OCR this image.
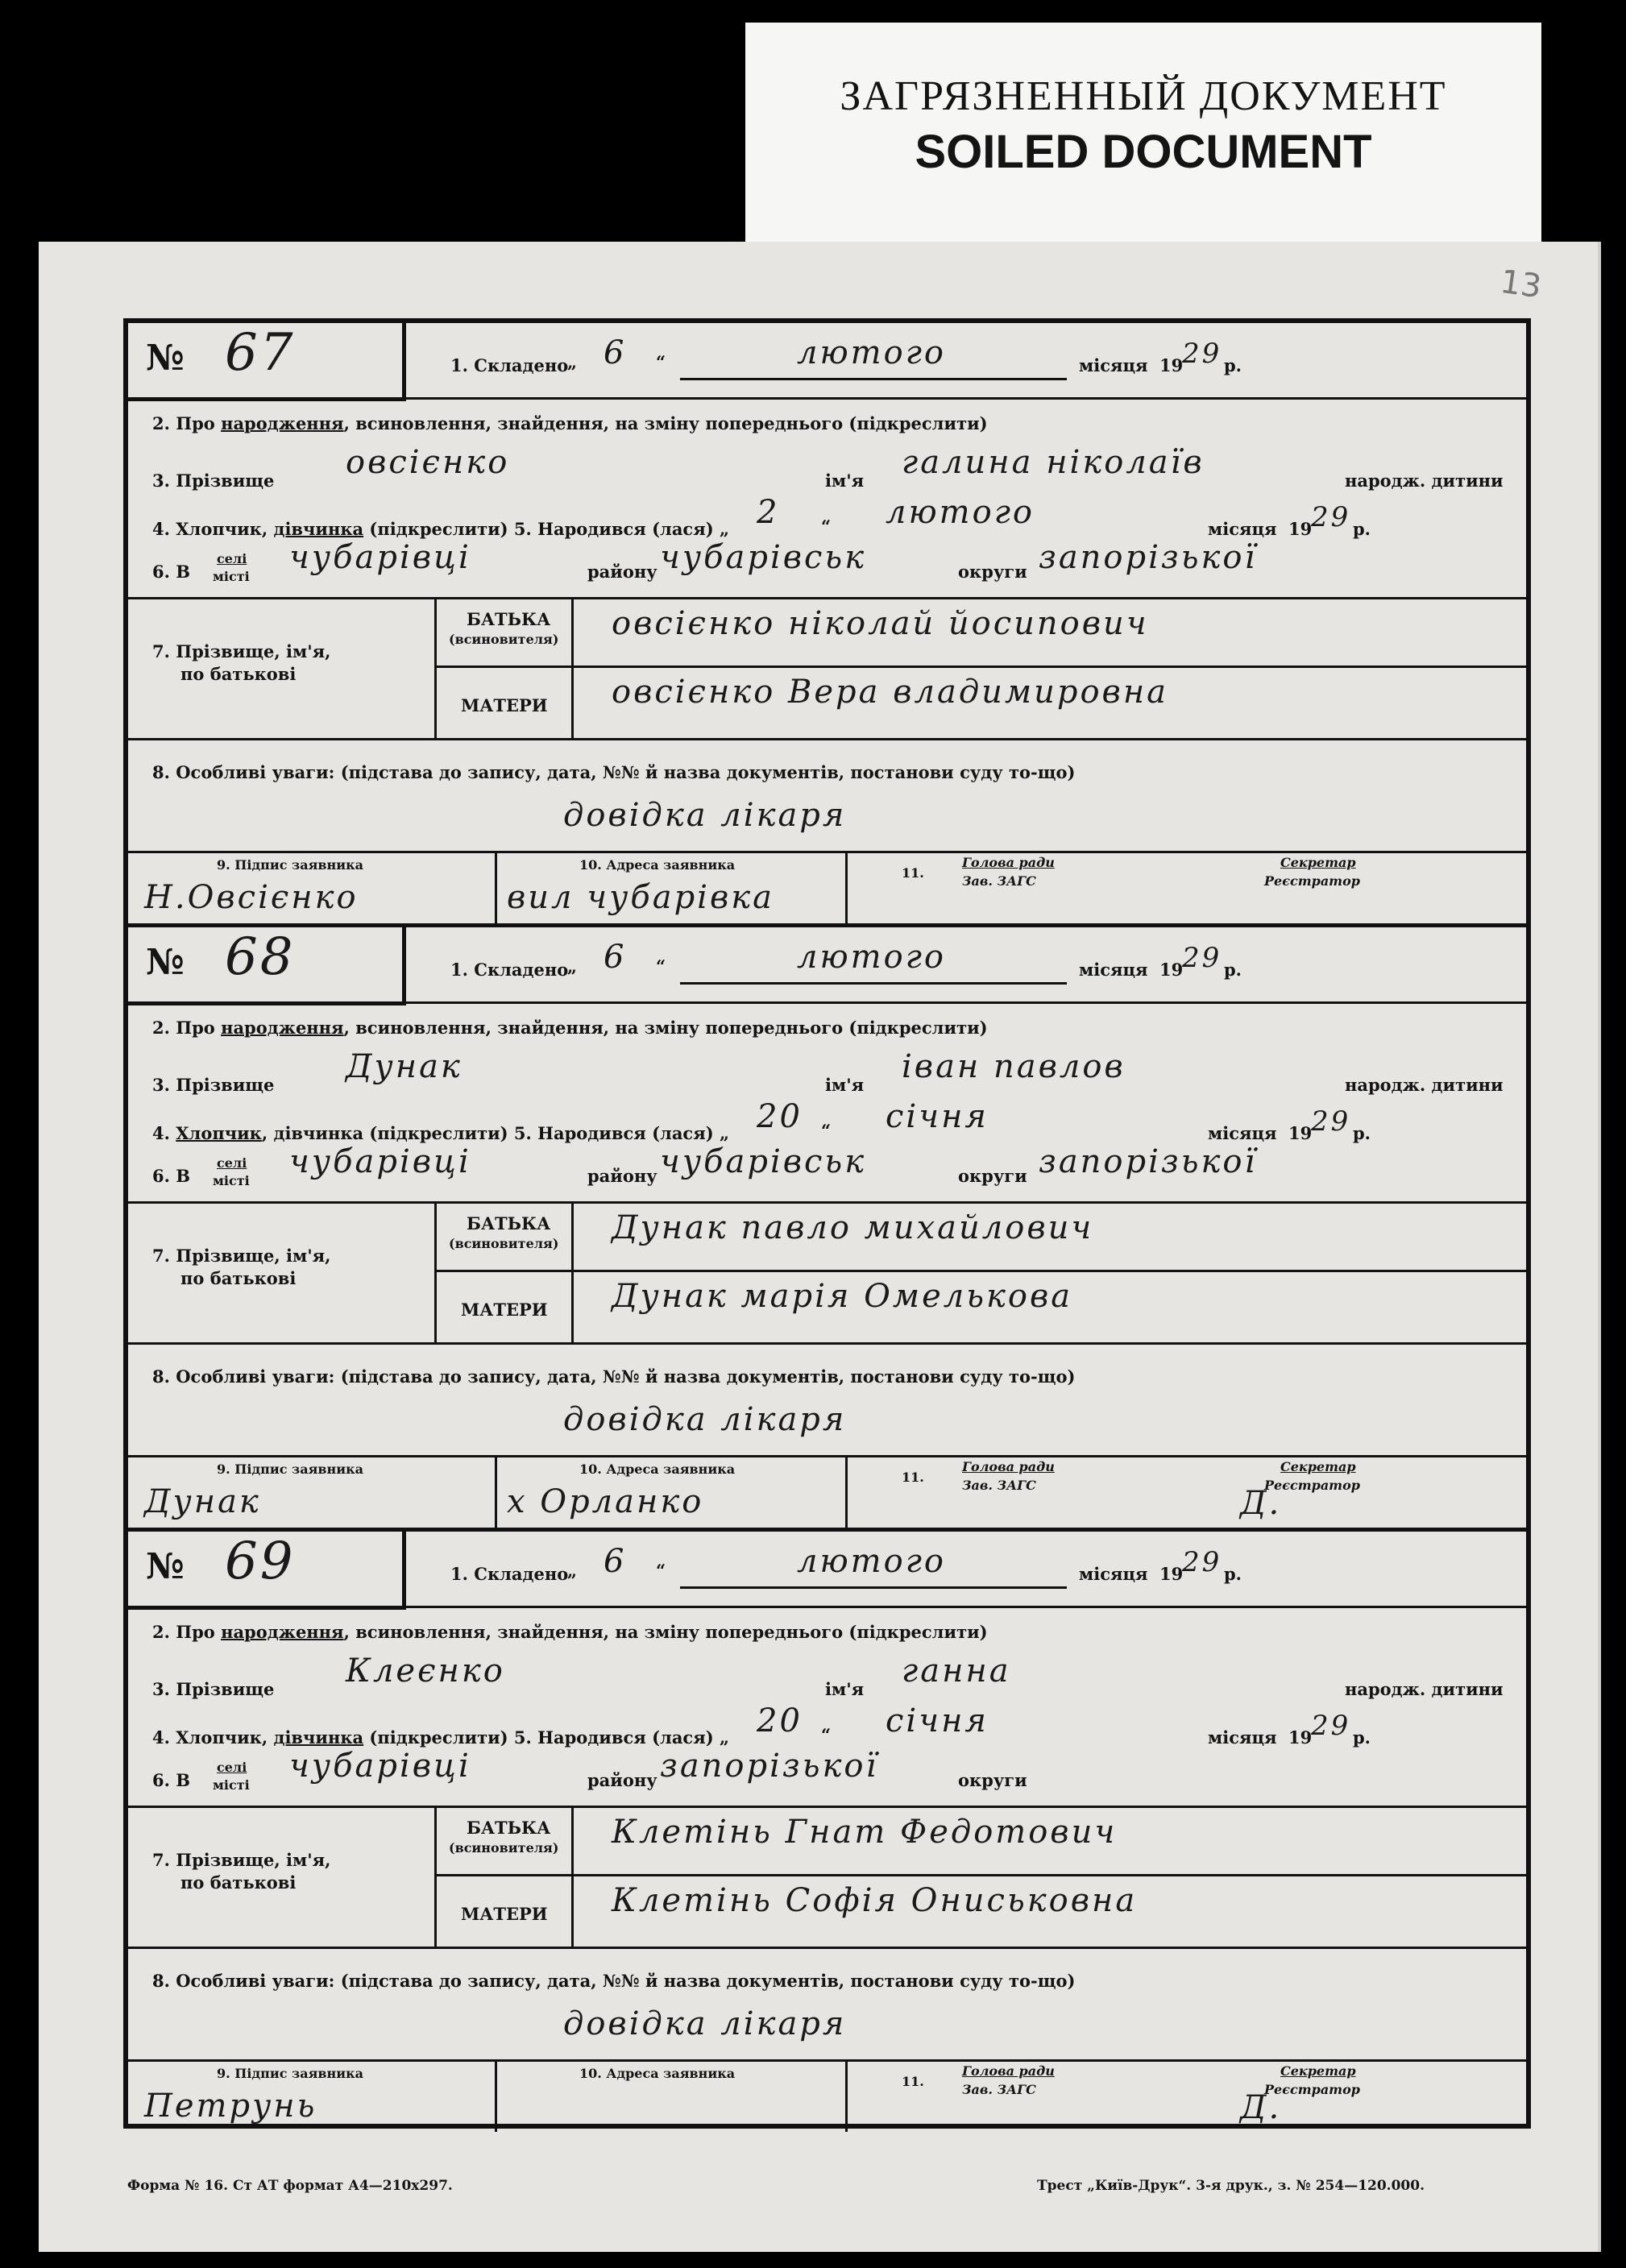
ЗАГРЯЗНЕННЫЙ ДОКУМЕНТ
SOILED DOCUMENT
13
№ 67	1. Складено
„ 6 “	лютого	місяця 19
29 р.
2. Про народження, всиновлення, знайдення, на зміну попереднього (підкреслити)
3. Прізвище овсієнко	ім'я галина ніколаїв	народж. дитини
4. Хлопчик, дівчинка (підкреслити) 5. Народився (лася) „ 2 “ лютого	місяця 19
29 р.
6. В
селі
місті
чубарівці	району чубарівськ	округи запорізької
7. Прізвище, ім'я,
по батькові
БАТЬКА
(всиновителя) овсієнко ніколай йосипович
МАТЕРИ овсієнко Вера владимировна
8. Особливі уваги: (підстава до запису, дата, №№ й назва документів, постанови суду то-що)
довідка лікаря
9. Підпис заявника
Н.Овсієнко
10. Адреса заявника
вил чубарівка
11.
Голова ради
Зав. ЗАГС
Секретар
Реєстратор
№ 68	1. Складено
„ 6 “	лютого	місяця 19
29 р.
2. Про народження, всиновлення, знайдення, на зміну попереднього (підкреслити)
3. Прізвище Дунак	ім'я іван павлов	народж. дитини
4. Хлопчик, дівчинка (підкреслити) 5. Народився (лася) „ 20 “ січня	місяця 19
29 р.
6. В
селі
місті
чубарівці	району чубарівськ	округи запорізької
7. Прізвище, ім'я,
по батькові
БАТЬКА
(всиновителя) Дунак павло михайлович
МАТЕРИ Дунак марія Омелькова
8. Особливі уваги: (підстава до запису, дата, №№ й назва документів, постанови суду то-що)
довідка лікаря
9. Підпис заявника
Дунак
10. Адреса заявника
х Орланко
11.
Голова ради
Зав. ЗАГС
Секретар
Реєстратор
Д.
№ 69	1. Складено
„ 6 “	лютого	місяця 19
29 р.
2. Про народження, всиновлення, знайдення, на зміну попереднього (підкреслити)
3. Прізвище Клеєнко	ім'я ганна	народж. дитини
4. Хлопчик, дівчинка (підкреслити) 5. Народився (лася) „ 20 “ січня	місяця 19
29 р.
6. В
селі
місті
чубарівці	району запорізької	округи
7. Прізвище, ім'я,
по батькові
БАТЬКА
(всиновителя) Клетінь Гнат Федотович
МАТЕРИ Клетінь Софія Ониськовна
8. Особливі уваги: (підстава до запису, дата, №№ й назва документів, постанови суду то-що)
довідка лікаря
9. Підпис заявника
Петрунь
10. Адреса заявника
11.
Голова ради
Зав. ЗАГС
Секретар
Реєстратор
Д.
Форма № 16. Ст АТ формат А4—210х297.	Трест „Київ-Друк“. 3-я друк., з. № 254—120.000.
